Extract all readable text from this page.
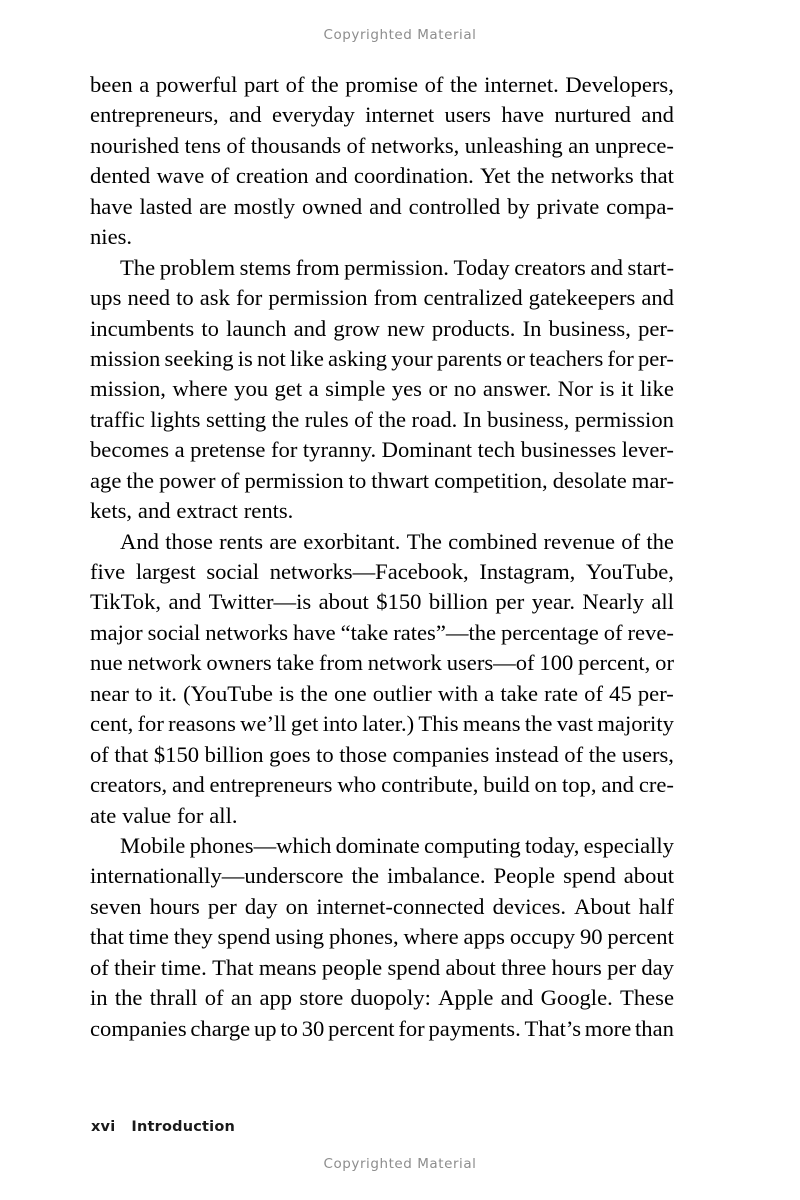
Copyrighted Material
been a powerful part of the promise of the internet. Developers,
entrepreneurs, and everyday internet users have nurtured and
nourished tens of thousands of networks, unleashing an unprece-
dented wave of creation and coordination. Yet the networks that
have lasted are mostly owned and controlled by private compa-
nies.
The problem stems from permission. Today creators and start-
ups need to ask for permission from centralized gatekeepers and
incumbents to launch and grow new products. In business, per-
mission seeking is not like asking your parents or teachers for per-
mission, where you get a simple yes or no answer. Nor is it like
traffic lights setting the rules of the road. In business, permission
becomes a pretense for tyranny. Dominant tech businesses lever-
age the power of permission to thwart competition, desolate mar-
kets, and extract rents.
And those rents are exorbitant. The combined revenue of the
five largest social networks—Facebook, Instagram, YouTube,
TikTok, and Twitter—is about $150 billion per year. Nearly all
major social networks have “take rates”—the percentage of reve-
nue network owners take from network users—of 100 percent, or
near to it. (YouTube is the one outlier with a take rate of 45 per-
cent, for reasons we’ll get into later.) This means the vast majority
of that $150 billion goes to those companies instead of the users,
creators, and entrepreneurs who contribute, build on top, and cre-
ate value for all.
Mobile phones—which dominate computing today, especially
internationally—underscore the imbalance. People spend about
seven hours per day on internet-connected devices. About half
that time they spend using phones, where apps occupy 90 percent
of their time. That means people spend about three hours per day
in the thrall of an app store duopoly: Apple and Google. These
companies charge up to 30 percent for payments. That’s more than
xvi Introduction
Copyrighted Material
